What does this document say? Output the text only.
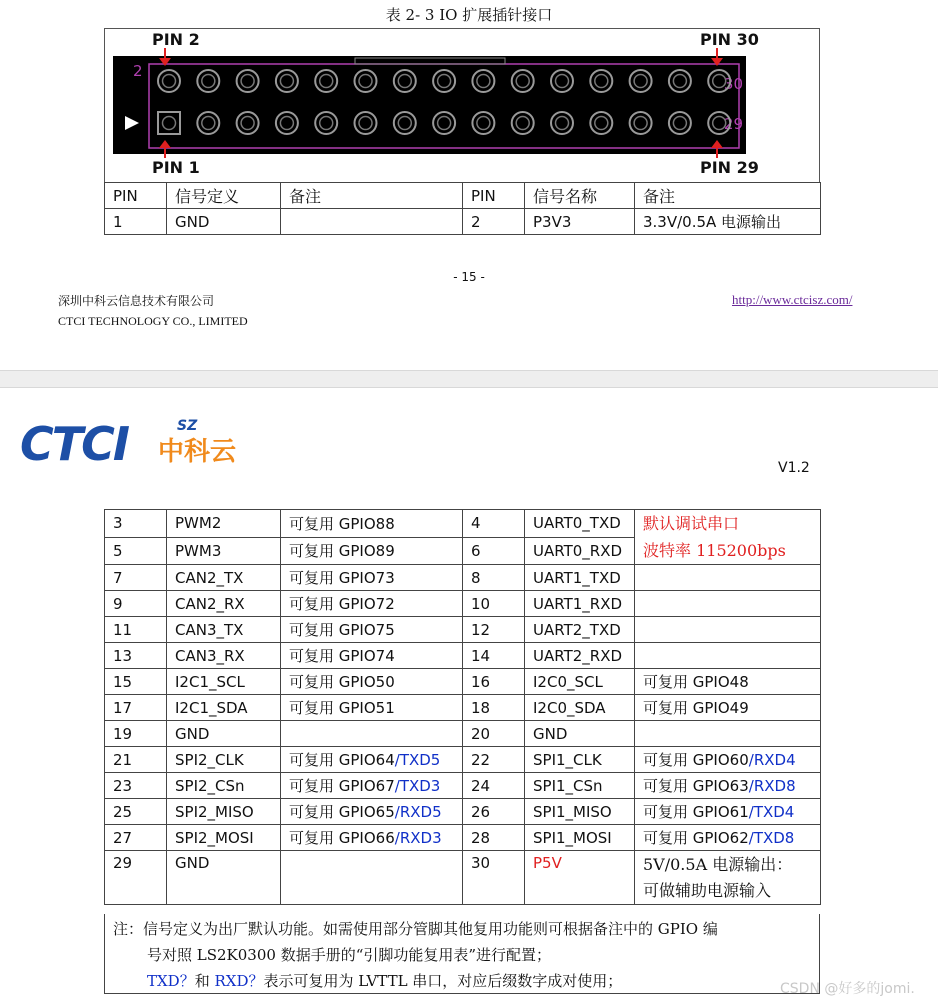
表 2- 3 IO 扩展插针接口
PIN 2	PIN 30
PIN 1	PIN 29
2
30
29
PIN	信号定义	备注	PIN	信号名称	备注
1	GND		2	P3V3	3.3V/0.5A 电源输出
- 15 -
深圳中科云信息技术有限公司
CTCI TECHNOLOGY CO., LIMITED
http://www.ctcisz.com/
CTCI	SZ
中科云
V1.2
3	PWM2	可复用 GPIO88	4	UART0_TXD	默认调试串口
波特率 115200bps

5	PWM3	可复用 GPIO89	6	UART0_RXD	
7	CAN2_TX	可复用 GPIO73	8	UART1_TXD	
9	CAN2_RX	可复用 GPIO72	10	UART1_RXD	
11	CAN3_TX	可复用 GPIO75	12	UART2_TXD	
13	CAN3_RX	可复用 GPIO74	14	UART2_RXD	
15	I2C1_SCL	可复用 GPIO50	16	I2C0_SCL	可复用 GPIO48
17	I2C1_SDA	可复用 GPIO51	18	I2C0_SDA	可复用 GPIO49
19	GND		20	GND	
21	SPI2_CLK	可复用 GPIO64/TXD5	22	SPI1_CLK	可复用 GPIO60/RXD4
23	SPI2_CSn	可复用 GPIO67/TXD3	24	SPI1_CSn	可复用 GPIO63/RXD8
25	SPI2_MISO	可复用 GPIO65/RXD5	26	SPI1_MISO	可复用 GPIO61/TXD4
27	SPI2_MOSI	可复用 GPIO66/RXD3	28	SPI1_MOSI	可复用 GPIO62/TXD8
29	GND		30	P5V	5V/0.5A 电源输出：
可做辅助电源输入
注：信号定义为出厂默认功能。如需使用部分管脚其他复用功能则可根据备注中的 GPIO 编
号对照 LS2K0300 数据手册的“引脚功能复用表”进行配置；
TXD？和 RXD？表示可复用为 LVTTL 串口，对应后缀数字成对使用；	CSDN @好多的jomi.
